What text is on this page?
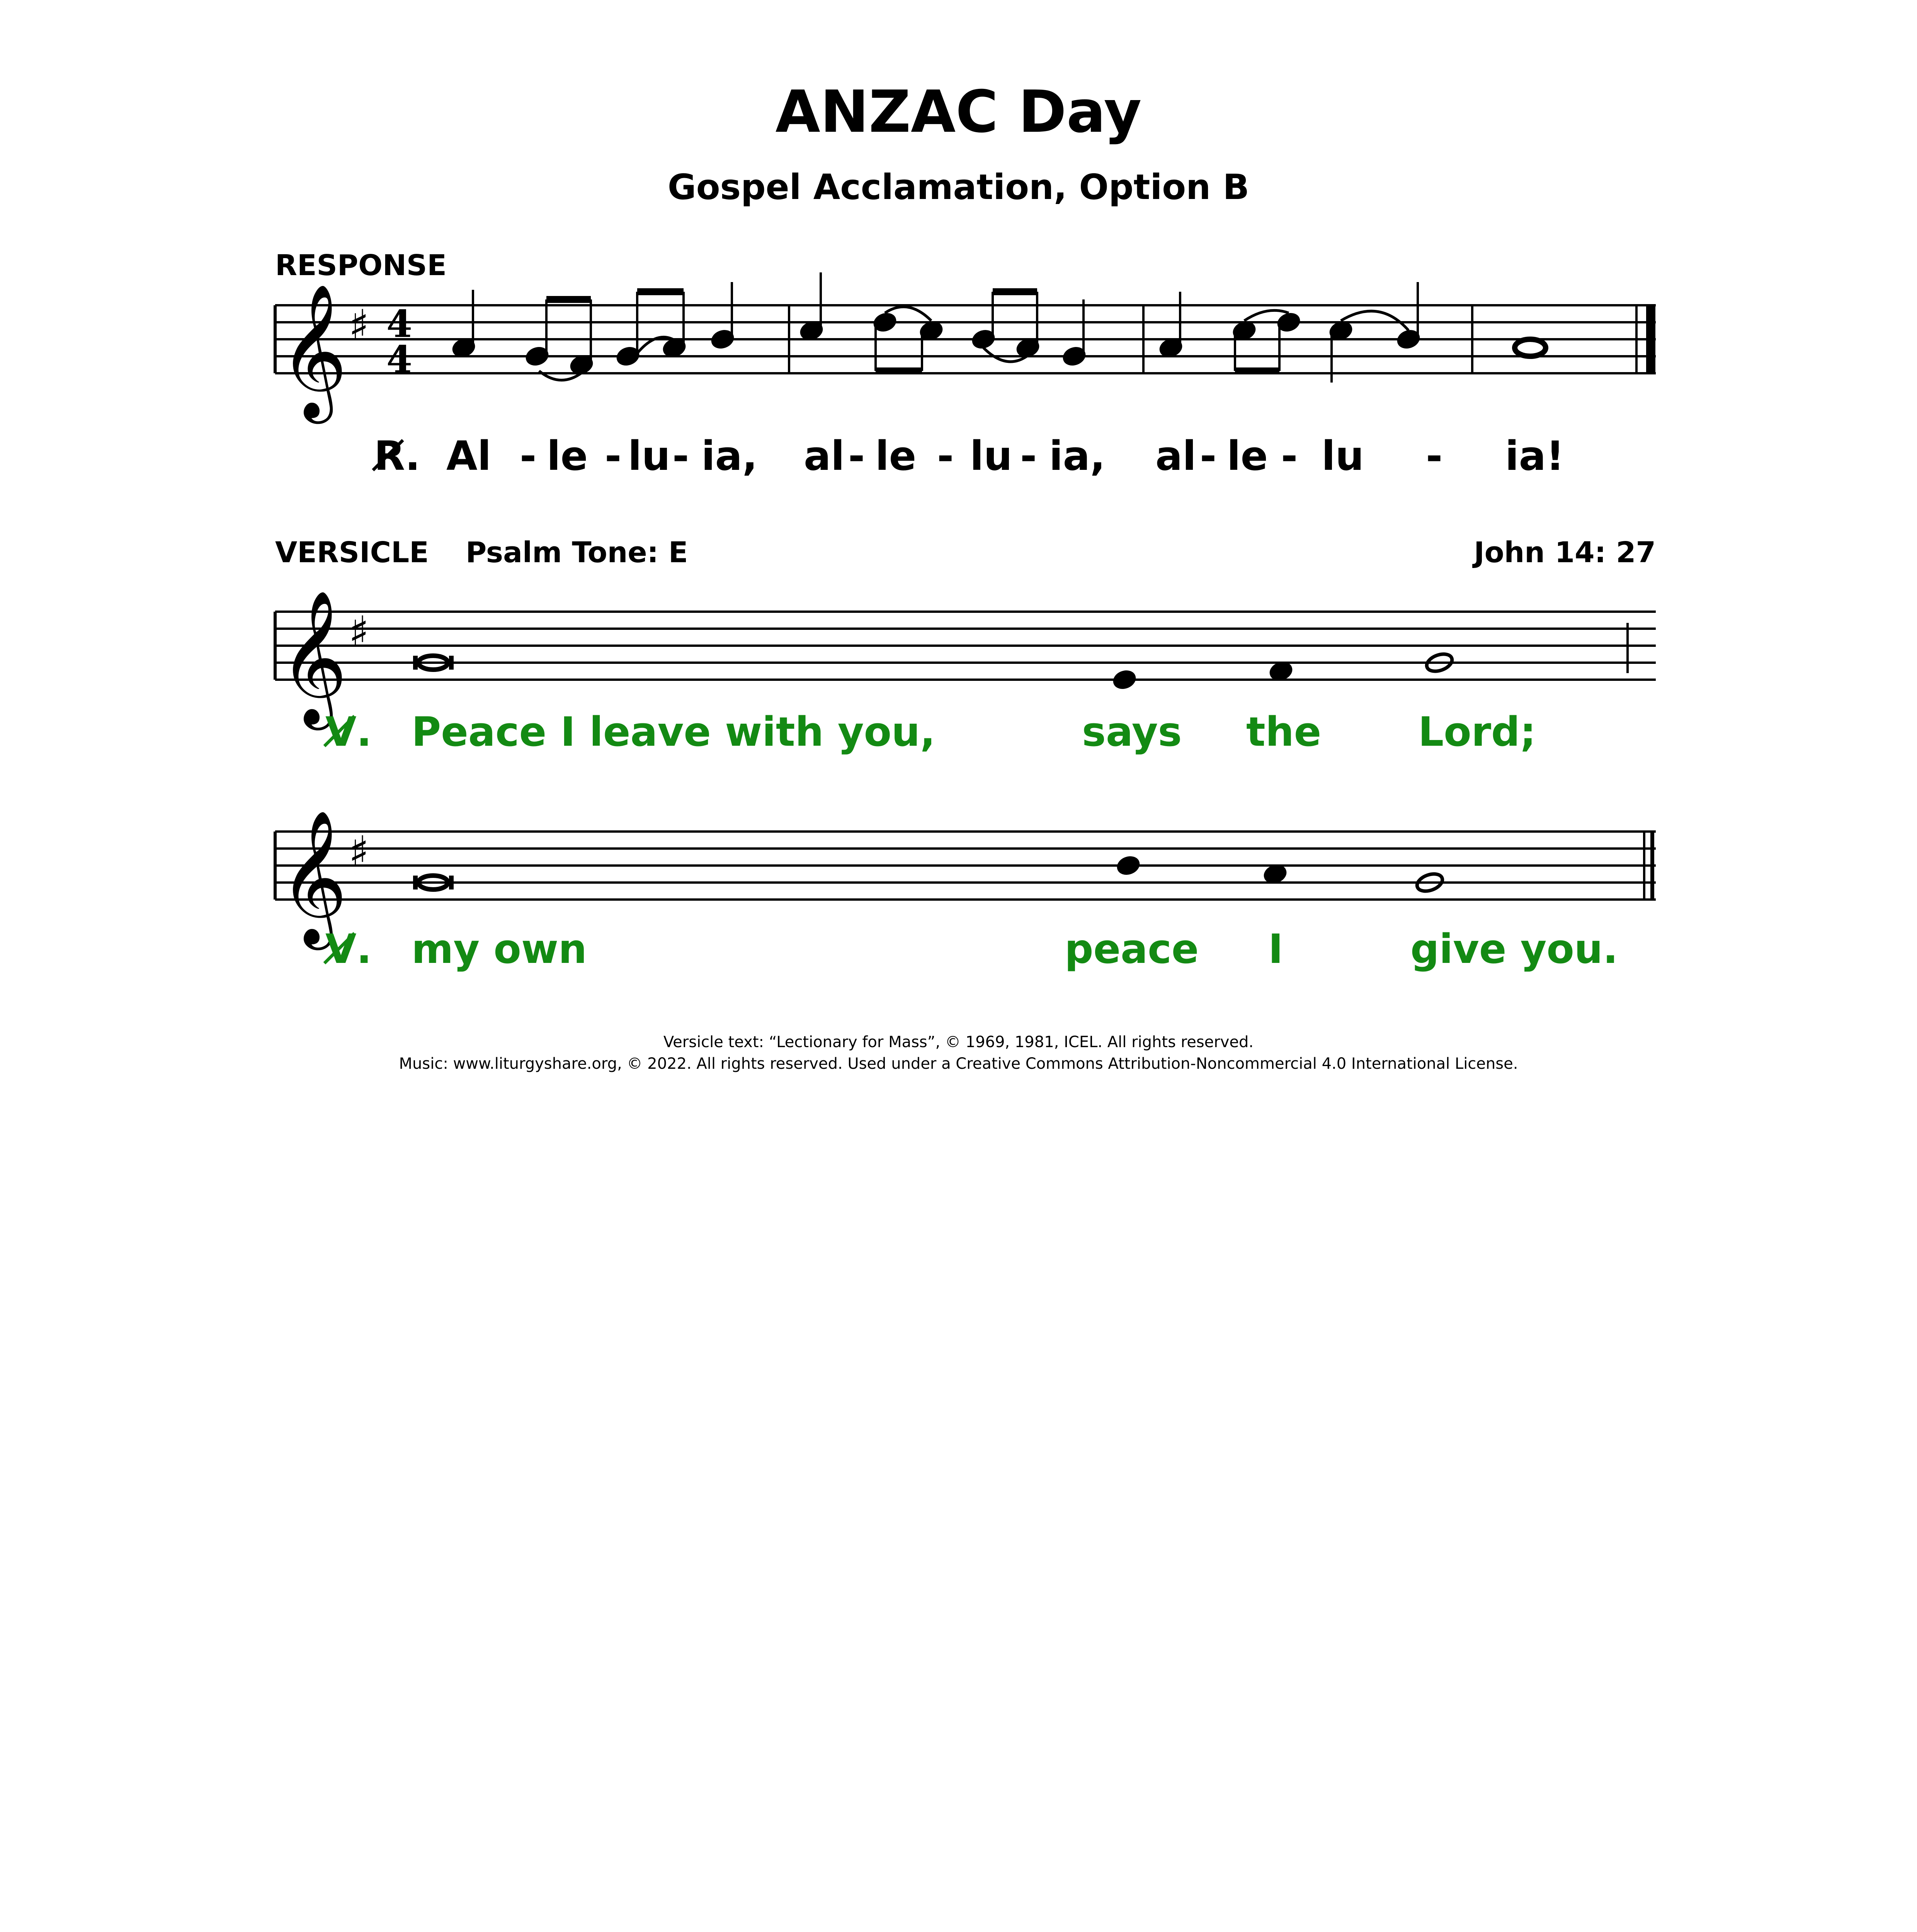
ANZAC Day
Gospel Acclamation, Option B
RESPONSE
𝄞 ♯ 4
4
𝄞 ♯
𝄞 ♯
R̸. Al - le - lu - ia, al - le - lu - ia, al - le - lu - ia!
VERSICLE Psalm Tone: E	John 14: 27
V̸. Peace I leave with you,	says the Lord;
V̸. my own	peace I	give you.
Versicle text: “Lectionary for Mass”, © 1969, 1981, ICEL. All rights reserved.
Music: www.liturgyshare.org, © 2022. All rights reserved. Used under a Creative Commons Attribution-Noncommercial 4.0 International License.
